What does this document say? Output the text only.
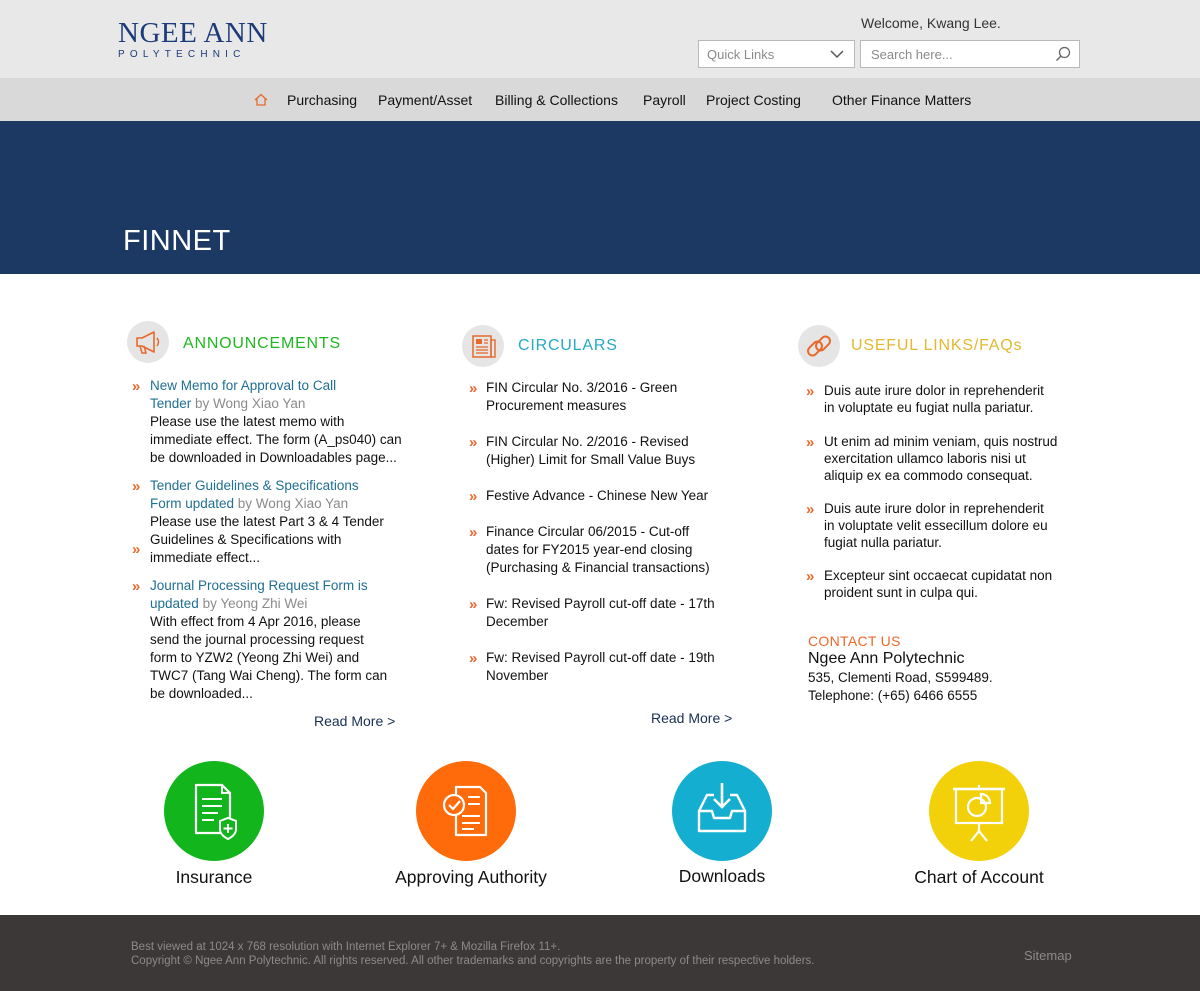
NGEE ANN
POLYTECHNIC
Welcome, Kwang Lee.
Quick Links
Search here...
Purchasing Payment/Asset Billing & Collections Payroll Project Costing Other Finance Matters
FINNET
ANNOUNCEMENTS
» New Memo for Approval to Call
Tender by Wong Xiao Yan
Please use the latest memo with
immediate effect. The form (A_ps040) can
be downloaded in Downloadables page...
»
»
Tender Guidelines & Specifications
Form updated by Wong Xiao Yan
Please use the latest Part 3 & 4 Tender
Guidelines & Specifications with
immediate effect...
» Journal Processing Request Form is
updated by Yeong Zhi Wei
With effect from 4 Apr 2016, please
send the journal processing request
form to YZW2 (Yeong Zhi Wei) and
TWC7 (Tang Wai Cheng). The form can
be downloaded...
Read More >
CIRCULARS
» FIN Circular No. 3/2016 - Green
Procurement measures
» FIN Circular No. 2/2016 - Revised
(Higher) Limit for Small Value Buys
» Festive Advance - Chinese New Year
» Finance Circular 06/2015 - Cut-off
dates for FY2015 year-end closing
(Purchasing & Financial transactions)
» Fw: Revised Payroll cut-off date - 17th
December
» Fw: Revised Payroll cut-off date - 19th
November
Read More >
USEFUL LINKS/FAQs
» Duis aute irure dolor in reprehenderit
in voluptate eu fugiat nulla pariatur.
» Ut enim ad minim veniam, quis nostrud
exercitation ullamco laboris nisi ut
aliquip ex ea commodo consequat.
» Duis aute irure dolor in reprehenderit
in voluptate velit essecillum dolore eu
fugiat nulla pariatur.
» Excepteur sint occaecat cupidatat non
proident sunt in culpa qui.
CONTACT US
Ngee Ann Polytechnic
535, Clementi Road, S599489.
Telephone: (+65) 6466 6555
Insurance	Approving Authority	Downloads	Chart of Account
Best viewed at 1024 x 768 resolution with Internet Explorer 7+ & Mozilla Firefox 11+.
Copyright © Ngee Ann Polytechnic. All rights reserved. All other trademarks and copyrights are the property of their respective holders.	Sitemap
